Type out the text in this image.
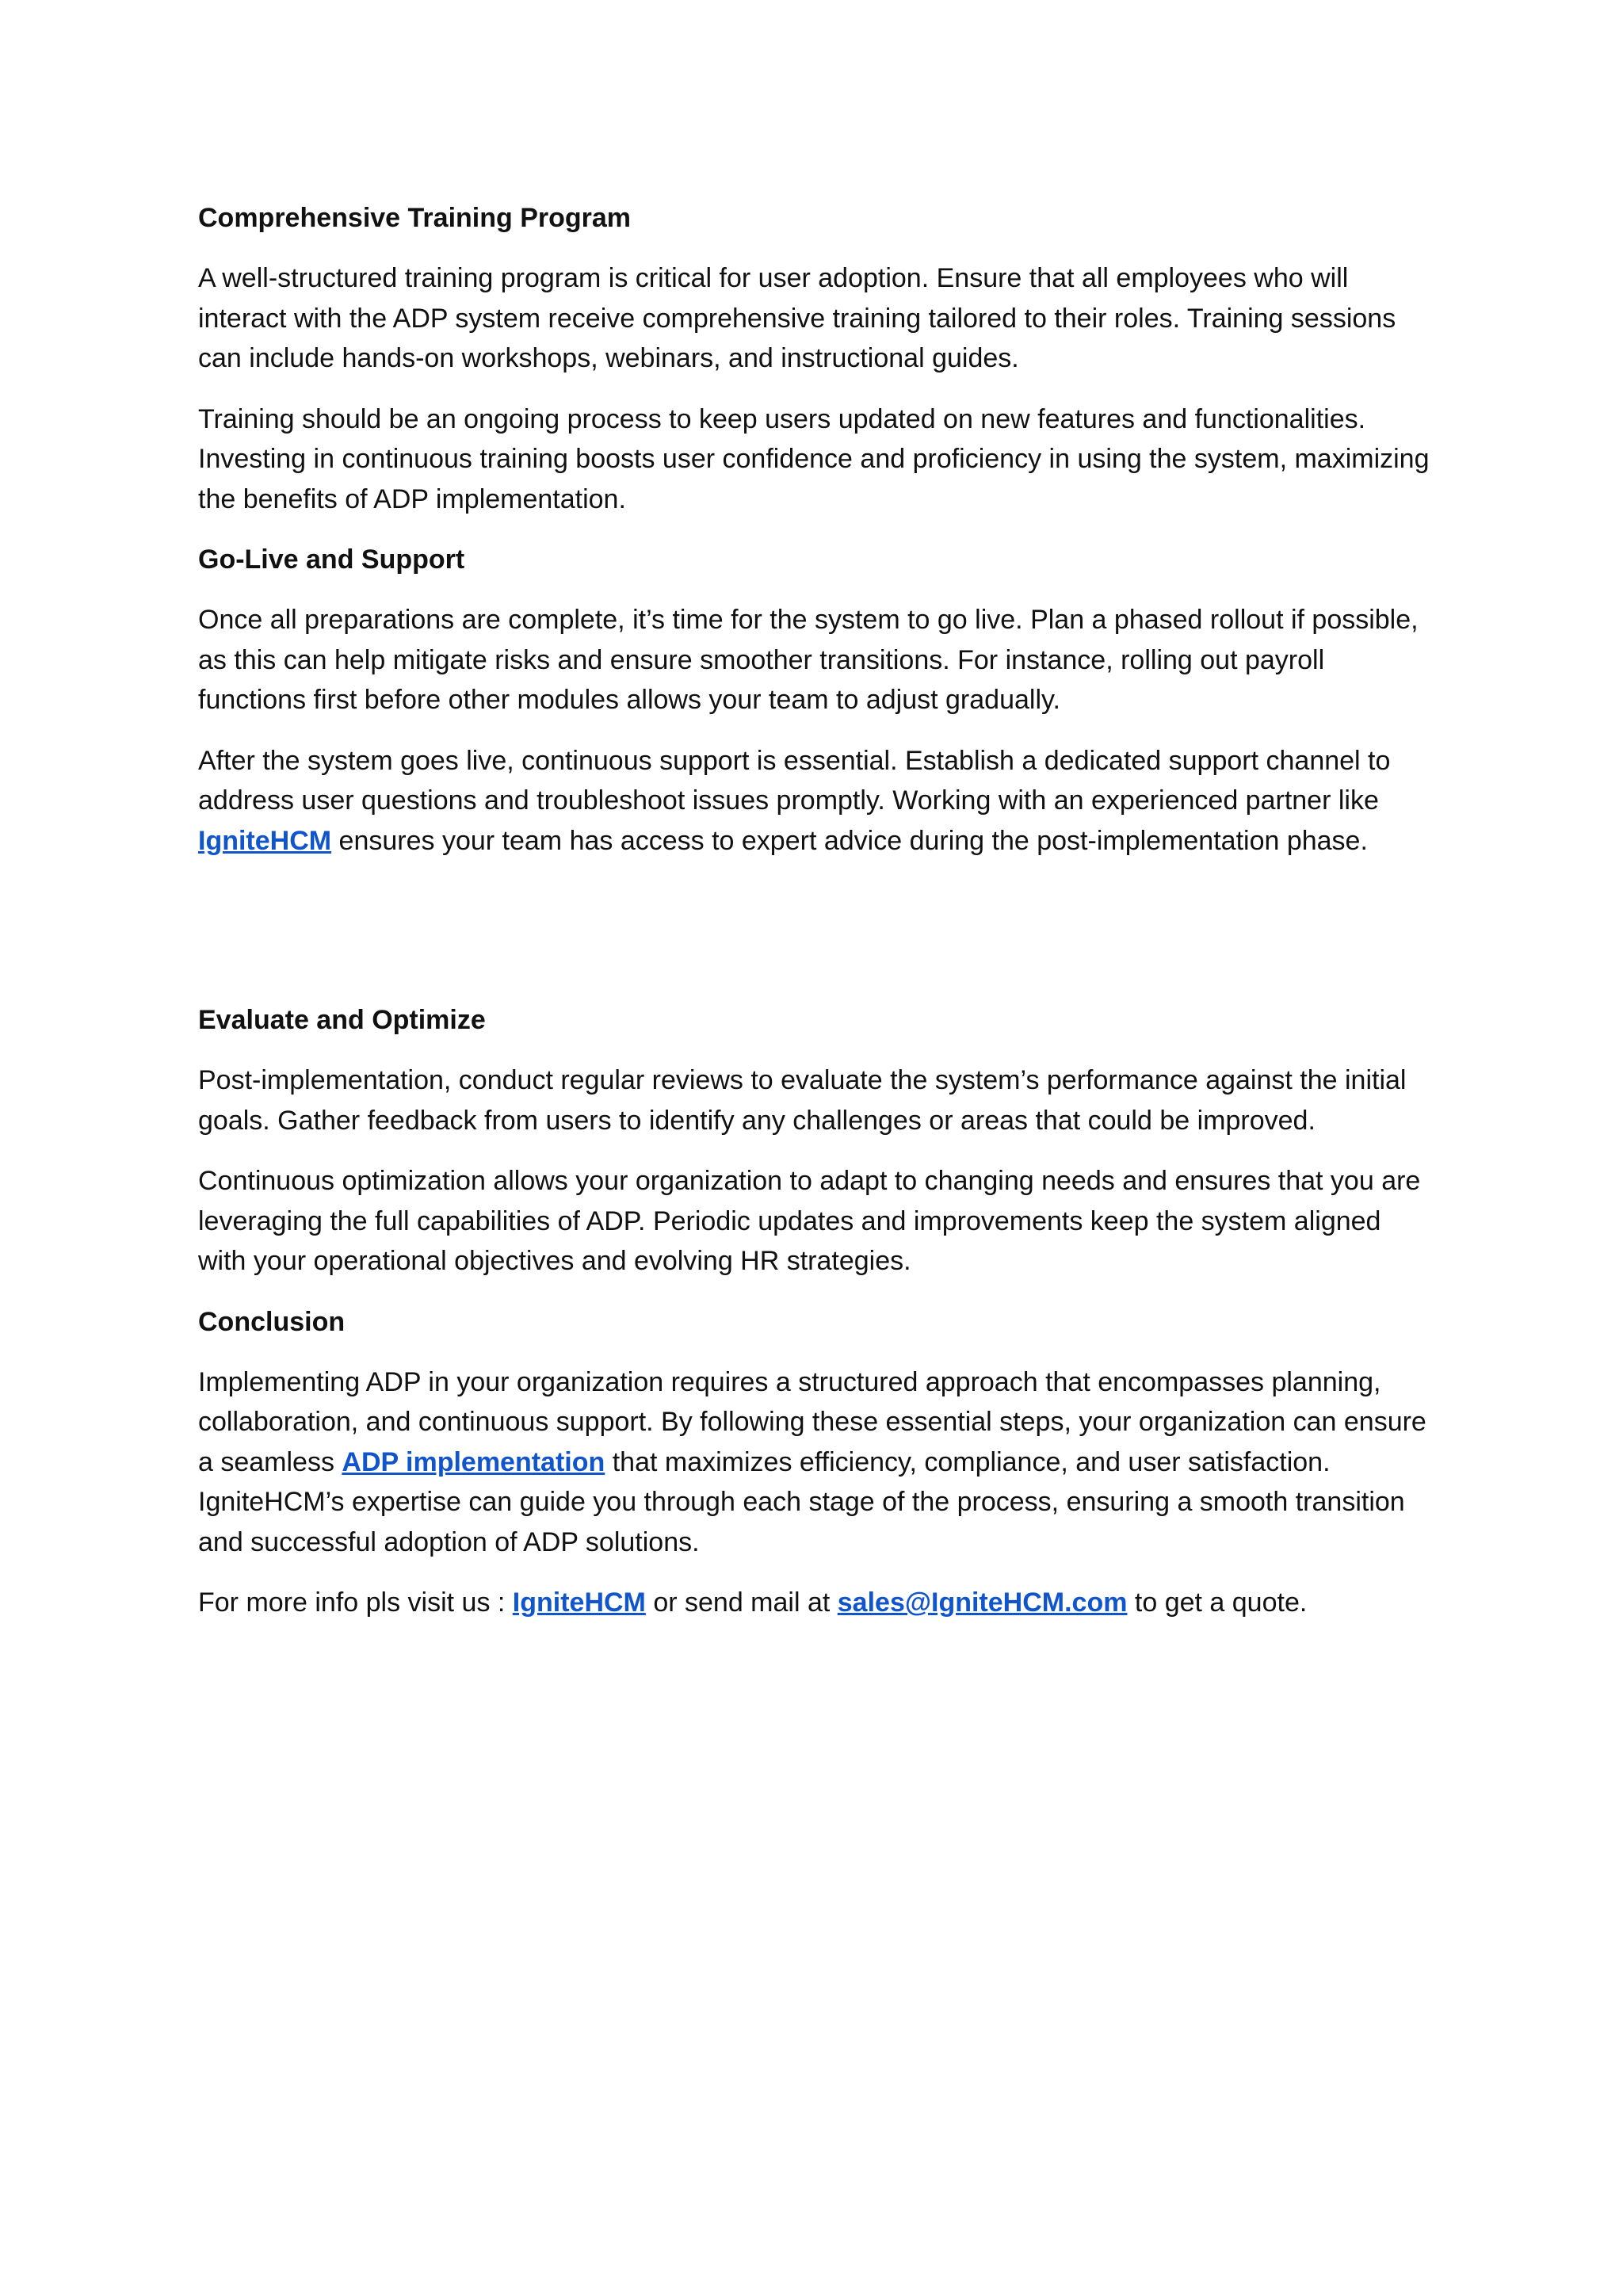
Comprehensive Training Program
A well-structured training program is critical for user adoption. Ensure that all employees who will interact with the ADP system receive comprehensive training tailored to their roles. Training sessions can include hands-on workshops, webinars, and instructional guides.
Training should be an ongoing process to keep users updated on new features and functionalities. Investing in continuous training boosts user confidence and proficiency in using the system, maximizing the benefits of ADP implementation.
Go-Live and Support
Once all preparations are complete, it’s time for the system to go live. Plan a phased rollout if possible, as this can help mitigate risks and ensure smoother transitions. For instance, rolling out payroll functions first before other modules allows your team to adjust gradually.
After the system goes live, continuous support is essential. Establish a dedicated support channel to address user questions and troubleshoot issues promptly. Working with an experienced partner like IgniteHCM ensures your team has access to expert advice during the post-implementation phase.
Evaluate and Optimize
Post-implementation, conduct regular reviews to evaluate the system’s performance against the initial goals. Gather feedback from users to identify any challenges or areas that could be improved.
Continuous optimization allows your organization to adapt to changing needs and ensures that you are leveraging the full capabilities of ADP. Periodic updates and improvements keep the system aligned with your operational objectives and evolving HR strategies.
Conclusion
Implementing ADP in your organization requires a structured approach that encompasses planning, collaboration, and continuous support. By following these essential steps, your organization can ensure a seamless ADP implementation that maximizes efficiency, compliance, and user satisfaction. IgniteHCM’s expertise can guide you through each stage of the process, ensuring a smooth transition and successful adoption of ADP solutions.
For more info pls visit us : IgniteHCM or send mail at sales@IgniteHCM.com to get a quote.
